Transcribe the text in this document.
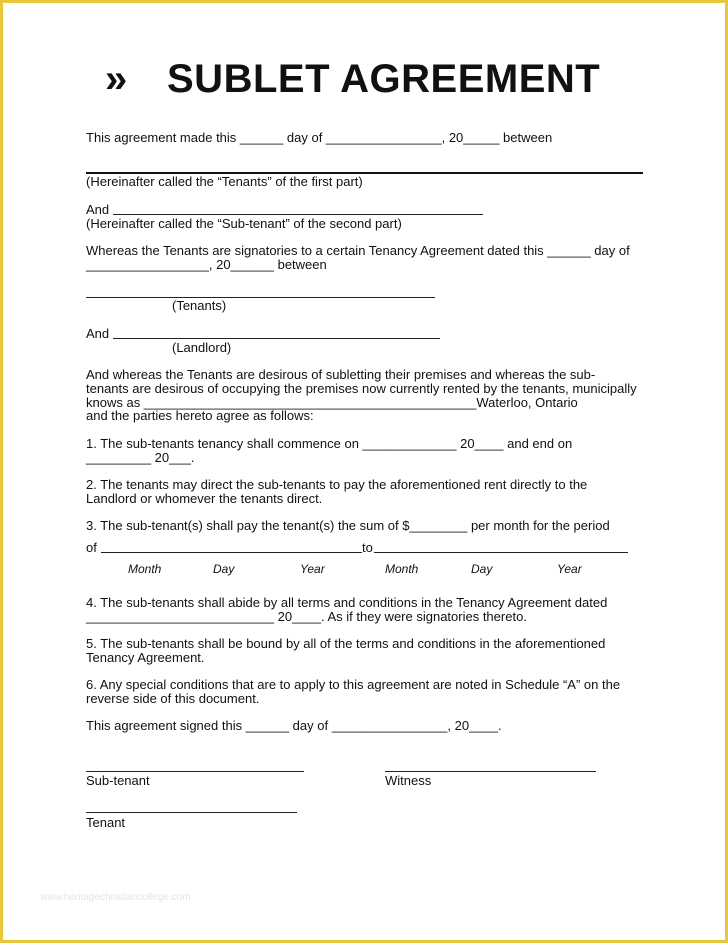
» SUBLET AGREEMENT
This agreement made this ______ day of ________________, 20_____ between
(Hereinafter called the “Tenants” of the first part)
And
(Hereinafter called the “Sub-tenant” of the second part)
Whereas the Tenants are signatories to a certain Tenancy Agreement dated this ______ day of
_________________, 20______ between
(Tenants)
And
(Landlord)
And whereas the Tenants are desirous of subletting their premises and whereas the sub-
tenants are desirous of occupying the premises now currently rented by the tenants, municipally
knows as ______________________________________________Waterloo, Ontario
and the parties hereto agree as follows:
1. The sub-tenants tenancy shall commence on _____________ 20____ and end on
_________ 20___.
2. The tenants may direct the sub-tenants to pay the aforementioned rent directly to the
Landlord or whomever the tenants direct.
3. The sub-tenant(s) shall pay the tenant(s) the sum of $________ per month for the period
of	to
Month	Day	Year	Month	Day	Year
4. The sub-tenants shall abide by all terms and conditions in the Tenancy Agreement dated
__________________________ 20____. As if they were signatories thereto.
5. The sub-tenants shall be bound by all of the terms and conditions in the aforementioned
Tenancy Agreement.
6. Any special conditions that are to apply to this agreement are noted in Schedule “A” on the
reverse side of this document.
This agreement signed this ______ day of ________________, 20____.
Sub-tenant	Witness
Tenant
www.heritagechristiancollege.com
